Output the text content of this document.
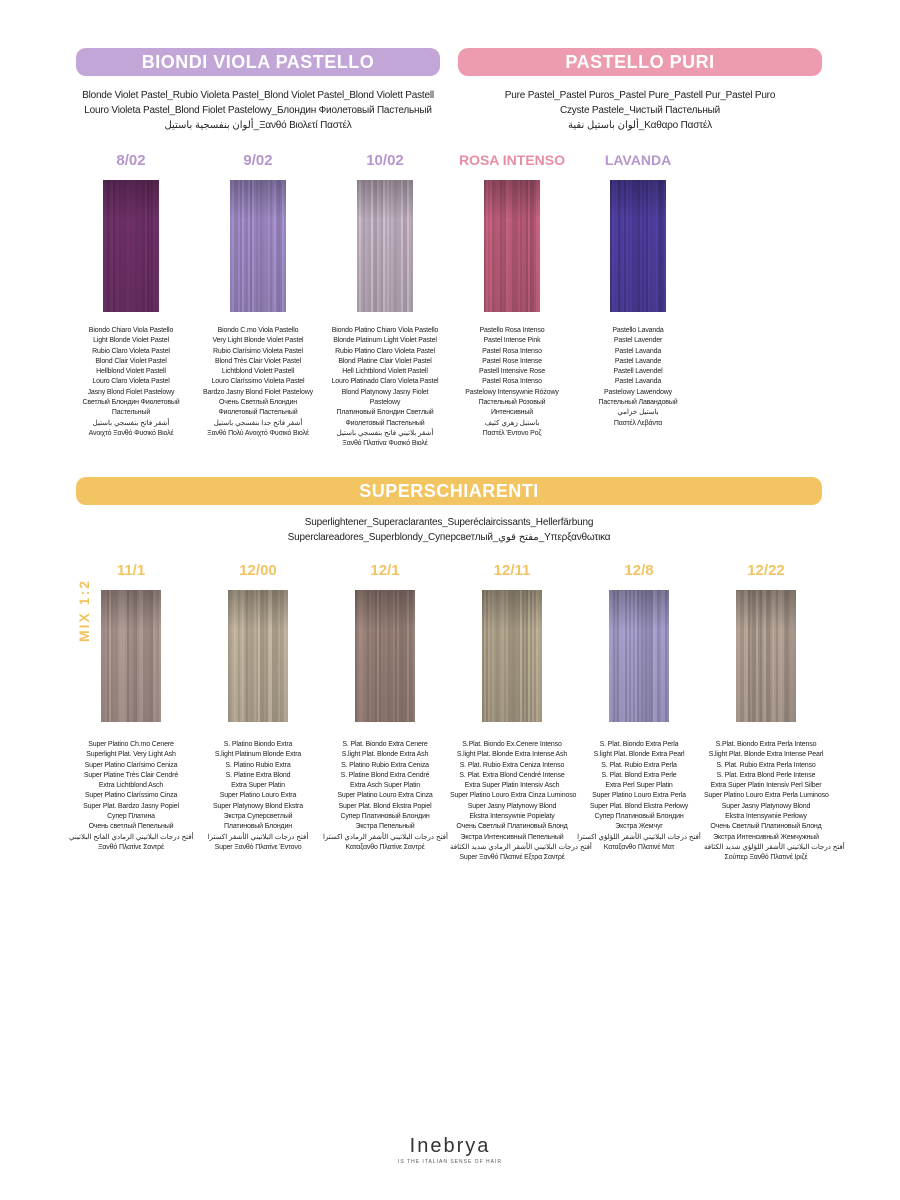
BIONDI VIOLA PASTELLO	PASTELLO PURI
Blonde Violet Pastel_Rubio Violeta Pastel_Blond Violet Pastel_Blond Violett Pastell
Louro Violeta Pastel_Blond Fiolet Pastelowy_Блондин Фиолетовый Пастельный
ألوان بنفسجية باستيل_Ξανθό Βιολετί Παστέλ
Pure Pastel_Pastel Puros_Pastel Pure_Pastell Pur_Pastel Puro
Czyste Pastele_Чистый Пастельный
ألوان باستيل نقية_Καθαρο Παστέλ
8/02
Biondo Chiaro Viola Pastello
Light Blonde Violet Pastel
Rubio Claro Violeta Pastel
Blond Clair Violet Pastel
Hellblond Violett Pastell
Louro Claro Violeta Pastel
Jasny Blond Fiolet Pastelowy
Светлый Блондин Фиолетовый
Пастельный
أشقر فاتح بنفسجي باستيل
Ανοιχτό Ξανθό Φυσικό Βιολέ
9/02
Biondo C.mo Viola Pastello
Very Light Blonde Violet Pastel
Rubio Clarísimo Violeta Pastel
Blond Très Clair Violet Pastel
Lichtblond Violett Pastell
Louro Claríssimo Violeta Pastel
Bardzo Jasny Blond Fiolet Pastelowy
Очень Светлый Блондин
Фиолетовый Пастельный
أشقر فاتح جدا بنفسجي باستيل
Ξανθό Πολύ Ανοιχτό Φυσικό Βιολέ
10/02
Biondo Platino Chiaro Viola Pastello
Blonde Platinum Light Violet Pastel
Rubio Platino Claro Violeta Pastel
Blond Platine Clair Violet Pastel
Hell Lichtblond Violett Pastell
Louro Platinado Claro Violeta Pastel
Blond Platynowy Jasny Fiolet
Pastelowy
Платиновый Блондин Светлый
Фиолетовый Пастельный
أشقر بلاتيني فاتح بنفسجي باستيل
Ξανθό Πλατίνα Φυσικό Βιολέ
ROSA INTENSO
Pastello Rosa Intenso
Pastel Intense Pink
Pastel Rosa Intenso
Pastel Rose Intense
Pastell Intensive Rose
Pastel Rosa Intenso
Pastelowy Intensywnie Różowy
Пастельный Розовый
Интенсивный
باستيل زهري كثيف
Παστέλ Έντονο Ροζ
LAVANDA
Pastello Lavanda
Pastel Lavender
Pastel Lavanda
Pastel Lavande
Pastell Lavendel
Pastel Lavanda
Pastelowy Lawendowy
Пастельный Лавандовый
باستيل خزامي
Παστέλ Λεβάντα
SUPERSCHIARENTI
Superlightener_Superaclarantes_Superéclaircissants_Hellerfärbung
Superclareadores_Superblondy_Суперсветлый_مفتح قوي_Υπερξανθωτικα
MIX 1:2
11/1
Super Platino Ch.mo Cenere
Superlight Plat. Very Light Ash
Super Platino Clarísimo Ceniza
Super Platine Très Clair Cendré
Extra Lichtblond Asch
Super Platino Claríssimo Cinza
Super Plat. Bardzo Jasny Popiel
Супер Платина
Очень светлый Пепельный
أفتح درجات البلاتيني الرمادي الفاتح البلاتيني
Ξανθό Πλατίνε Σαντρέ
12/00
S. Platino Biondo Extra
S.light Platinum Blonde Extra
S. Platino Rubio Extra
S. Platine Extra Blond
Extra Super Platin
Super Platino Louro Extra
Super Platynowy Blond Ekstra
Экстра Суперсветлый
Платиновый Блондин
أفتح درجات البلاتيني الأشقر اكسترا
Super Ξανθό Πλατίνε Έντονο
12/1
S. Plat. Biondo Extra Cenere
S.light Plat. Blonde Extra Ash
S. Platino Rubio Extra Ceniza
S. Platine Blond Extra Cendré
Extra Asch Super Platin
Super Platino Louro Extra Cinza
Super Plat. Blond Ekstra Popiel
Супер Платиновый Блондин
Экстра Пепельный
أفتح درجات البلاتيني الأشقر الرمادي اكسترا
Καταξανθο Πλατίνε Σαντρέ
12/11
S.Plat. Biondo Ex.Cenere Intenso
S.light Plat. Blonde Extra Intense Ash
S. Plat. Rubio Extra Ceniza Intenso
S. Plat. Extra Blond Cendré Intense
Extra Super Platin Intensiv Asch
Super Platino Louro Extra Cinza Luminoso
Super Jasny Platynowy Blond
Ekstra Intensywnie Popielaty
Очень Светлый Платиновый Блонд
Экстра Интенсивный Пепельный
أفتح درجات البلاتيني الأشقر الرمادي شديد الكثافة
Super Ξανθό Πλατινέ Εξτρα Σαντρέ
12/8
S. Plat. Biondo Extra Perla
S.light Plat. Blonde Extra Pearl
S. Plat. Rubio Extra Perla
S. Plat. Blond Extra Perle
Extra Perl Super Platin
Super Platino Louro Extra Perla
Super Plat. Blond Ekstra Perłowy
Супер Платиновый Блондин
Экстра Жемчуг
أفتح درجات البلاتيني الأشقر اللؤلؤي اكسترا
Καταξανθο Πλατινέ Ματ
12/22
S.Plat. Biondo Extra Perla Intenso
S.light Plat. Blonde Extra Intense Pearl
S. Plat. Rubio Extra Perla Intenso
S. Plat. Extra Blond Perle Intense
Extra Super Platin Intensiv Perl Silber
Super Platino Louro Extra Perla Luminoso
Super Jasny Platynowy Blond
Ekstra Intensywnie Perłowy
Очень Светлый Платиновый Блонд
Экстра Интенсивный Жемчужный
أفتح درجات البلاتيني الأشقر اللؤلؤي شديد الكثافة
Σούπερ Ξανθό Πλατινέ Ιριζέ
Inebrya
IS THE ITALIAN SENSE OF HAIR
